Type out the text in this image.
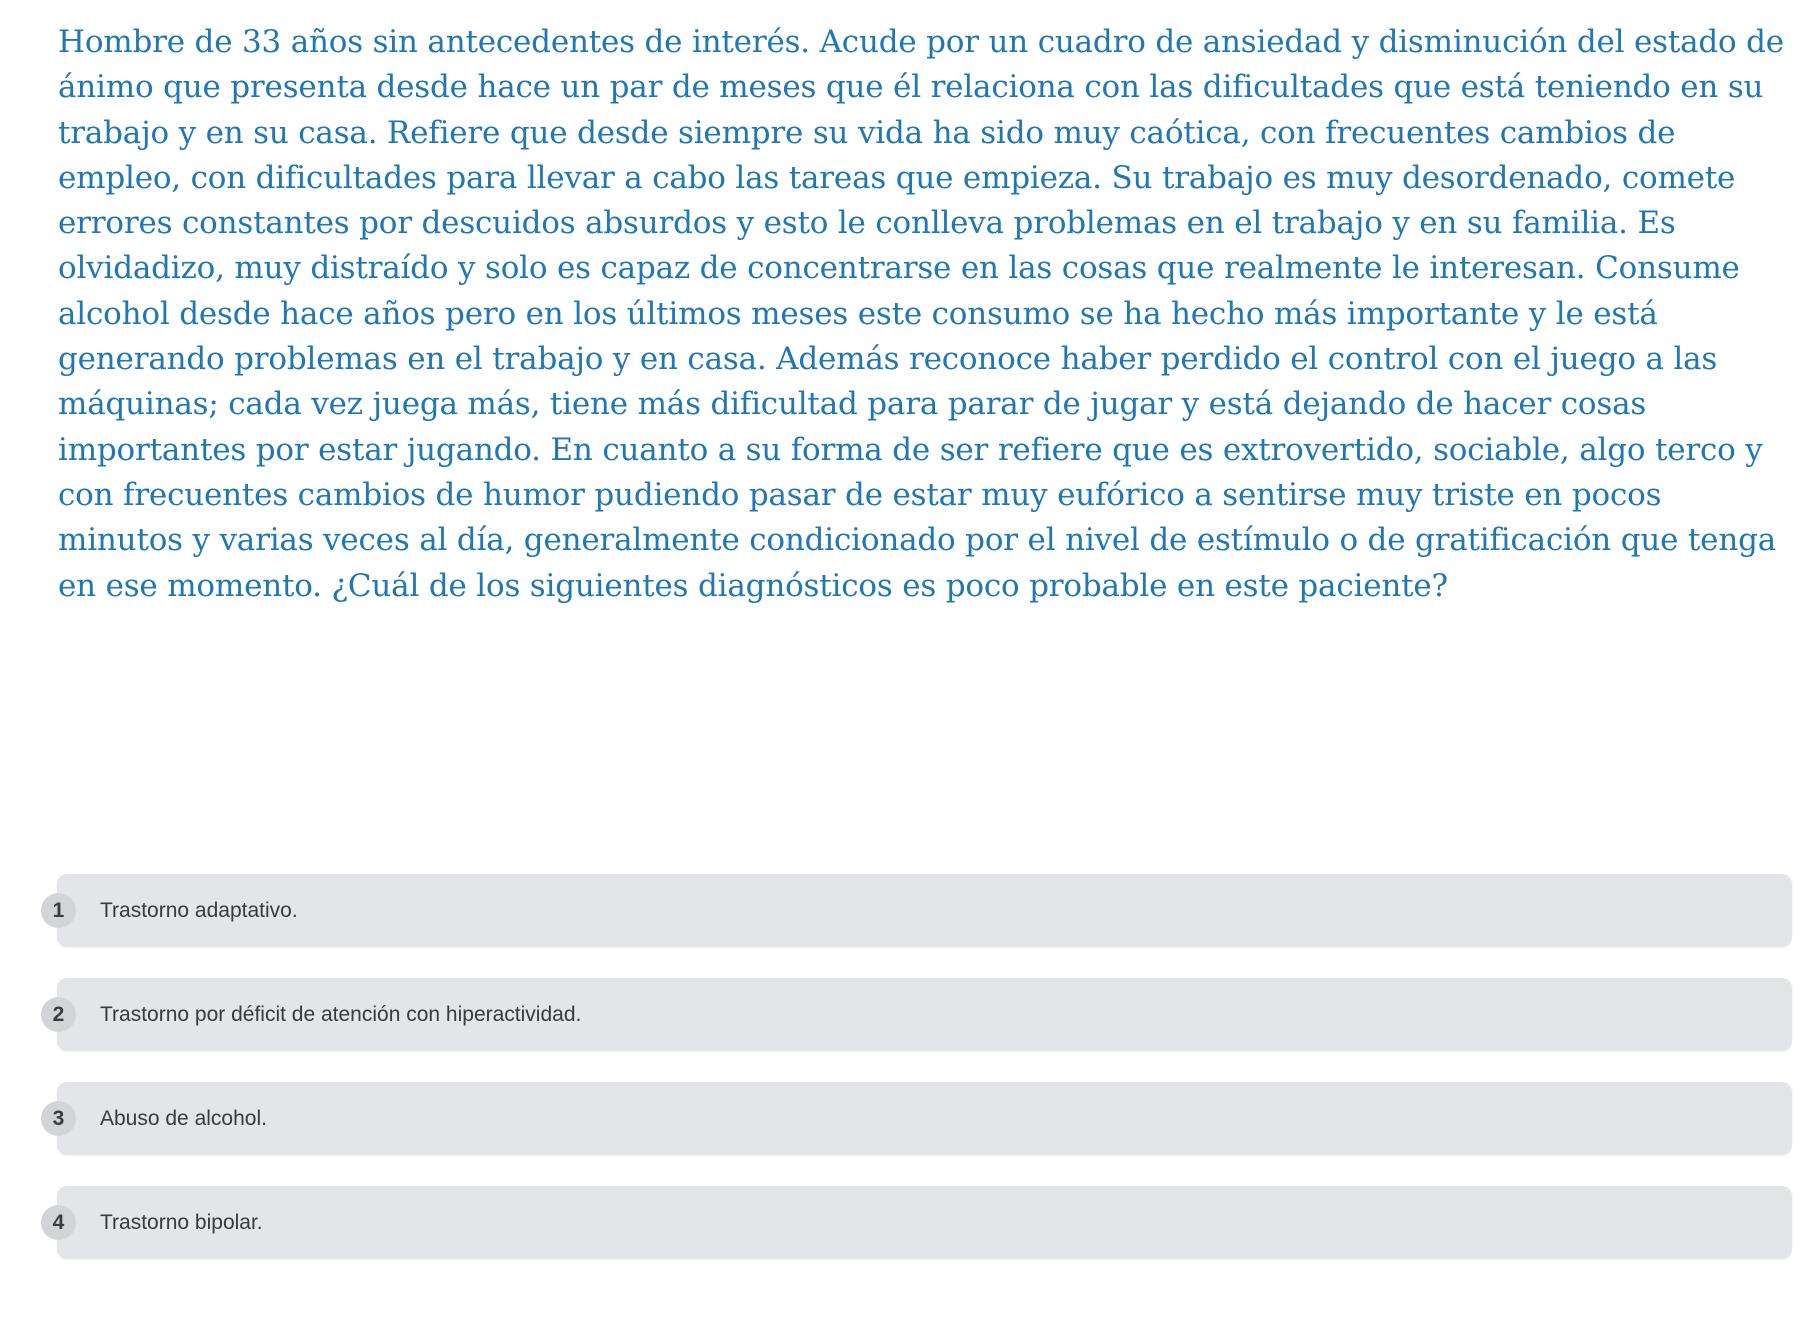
Hombre de 33 años sin antecedentes de interés. Acude por un cuadro de ansiedad y disminución del estado de ánimo que presenta desde hace un par de meses que él relaciona con las dificultades que está teniendo en su trabajo y en su casa. Refiere que desde siempre su vida ha sido muy caótica, con frecuentes cambios de empleo, con dificultades para llevar a cabo las tareas que empieza. Su trabajo es muy desordenado, comete errores constantes por descuidos absurdos y esto le conlleva problemas en el trabajo y en su familia. Es olvidadizo, muy distraído y solo es capaz de concentrarse en las cosas que realmente le interesan. Consume alcohol desde hace años pero en los últimos meses este consumo se ha hecho más importante y le está generando problemas en el trabajo y en casa. Además reconoce haber perdido el control con el juego a las máquinas; cada vez juega más, tiene más dificultad para parar de jugar y está dejando de hacer cosas importantes por estar jugando. En cuanto a su forma de ser refiere que es extrovertido, sociable, algo terco y con frecuentes cambios de humor pudiendo pasar de estar muy eufórico a sentirse muy triste en pocos minutos y varias veces al día, generalmente condicionado por el nivel de estímulo o de gratificación que tenga en ese momento. ¿Cuál de los siguientes diagnósticos es poco probable en este paciente?

1	Trastorno adaptativo.
2	Trastorno por déficit de atención con hiperactividad.
3	Abuso de alcohol.
4	Trastorno bipolar.
